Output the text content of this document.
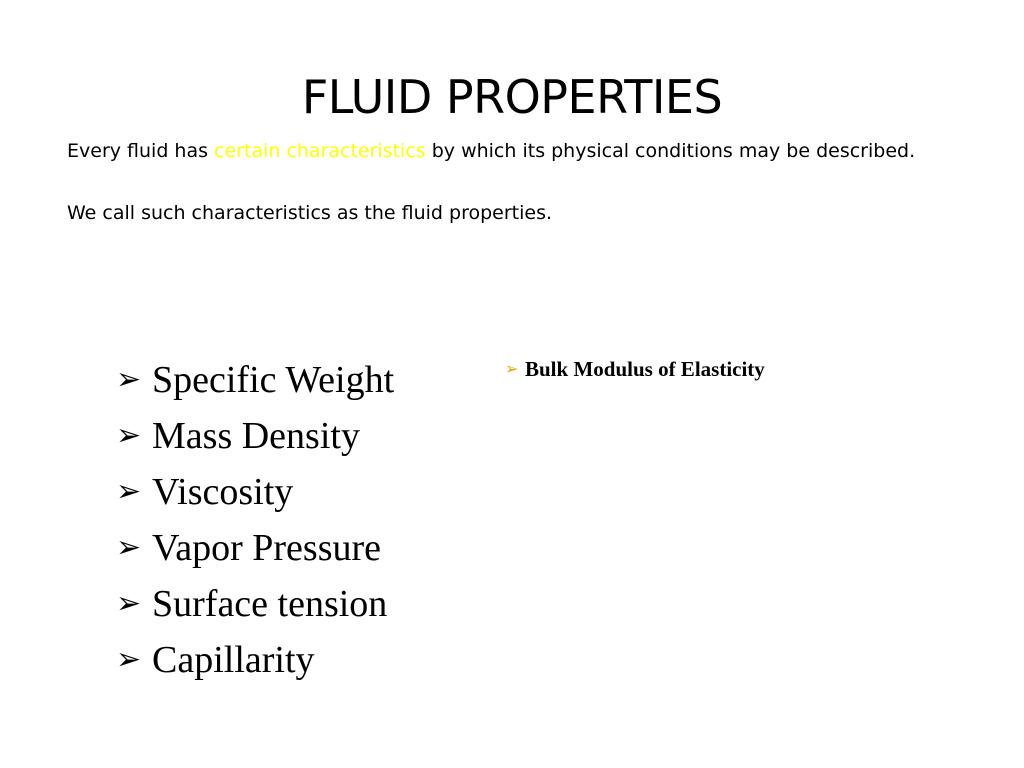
FLUID PROPERTIES

Every fluid has certain characteristics by which its physical conditions may be described.

We call such characteristics as the fluid properties.

➢ Specific Weight
➢ Mass Density
➢ Viscosity
➢ Vapor Pressure
➢ Surface tension
➢ Capillarity
➢ Bulk Modulus of Elasticity
